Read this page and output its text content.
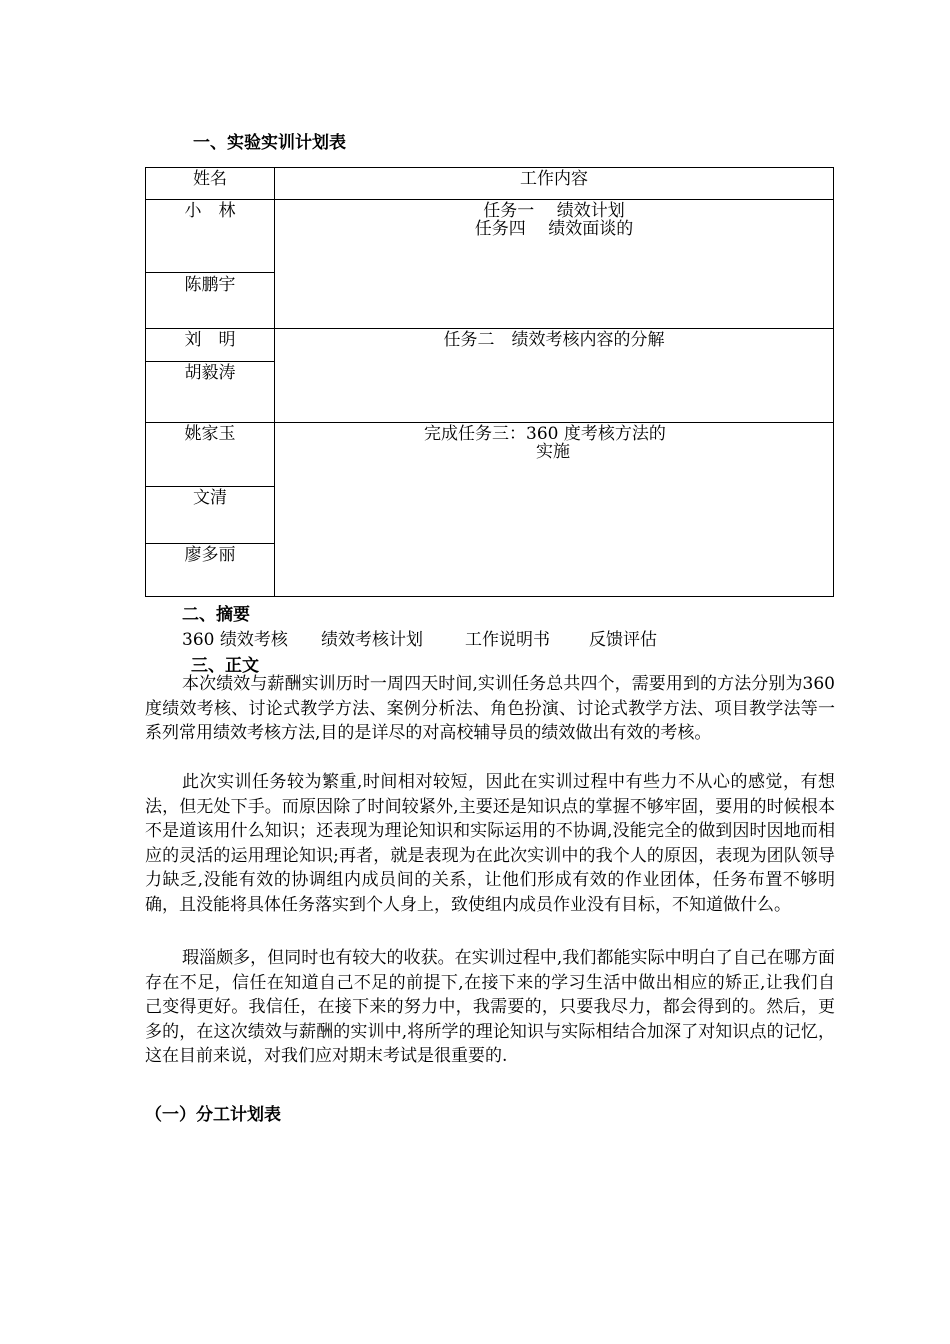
一、实验实训计划表
姓名	工作内容
小　林
陈鹏宇
任务一　 绩效计划
任务四　 绩效面谈的
刘　明
胡毅涛
任务二　绩效考核内容的分解
姚家玉
文清
廖多丽
完成任务三：360 度考核方法的
实施
二、摘要
360 绩效考核 绩效考核计划 工作说明书 反馈评估
三、正文

本次绩效与薪酬实训历时一周四天时间,实训任务总共四个，需要用到的方法分别为360度绩效考核、讨论式教学方法、案例分析法、角色扮演、讨论式教学方法、项目教学法等一系列常用绩效考核方法,目的是详尽的对高校辅导员的绩效做出有效的考核。

此次实训任务较为繁重,时间相对较短，因此在实训过程中有些力不从心的感觉，有想法，但无处下手。而原因除了时间较紧外,主要还是知识点的掌握不够牢固，要用的时候根本不是道该用什么知识；还表现为理论知识和实际运用的不协调,没能完全的做到因时因地而相应的灵活的运用理论知识;再者，就是表现为在此次实训中的我个人的原因，表现为团队领导力缺乏,没能有效的协调组内成员间的关系，让他们形成有效的作业团体，任务布置不够明确，且没能将具体任务落实到个人身上，致使组内成员作业没有目标，不知道做什么。

瑕淄颇多，但同时也有较大的收获。在实训过程中,我们都能实际中明白了自己在哪方面存在不足，信任在知道自己不足的前提下,在接下来的学习生活中做出相应的矫正,让我们自己变得更好。我信任，在接下来的努力中，我需要的，只要我尽力，都会得到的。然后，更多的，在这次绩效与薪酬的实训中,将所学的理论知识与实际相结合加深了对知识点的记忆，这在目前来说，对我们应对期末考试是很重要的.

（一）分工计划表
